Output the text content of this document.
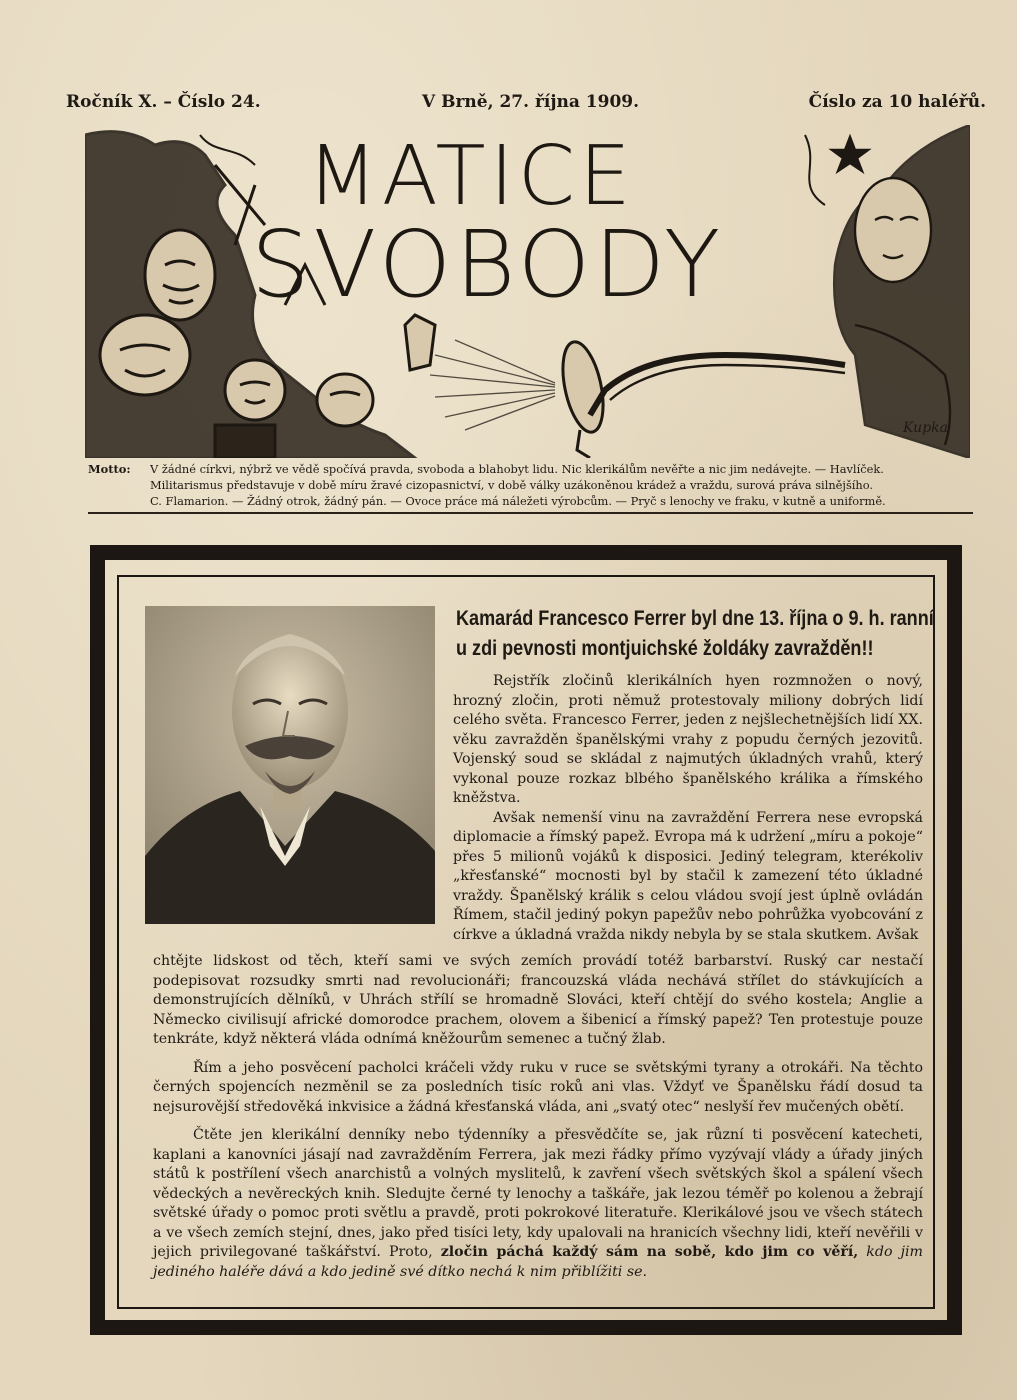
Ročník X. – Číslo 24.	V Brně, 27. října 1909.	Číslo za 10 haléřů.
MATICE
SVOBODY
Kupka
Motto: V žádné církvi, nýbrž ve vědě spočívá pravda, svoboda a blahobyt lidu. Nic klerikálům nevěřte a nic jim nedávejte. — Havlíček.
Militarismus představuje v době míru žravé cizopasnictví, v době války uzákoněnou krádež a vraždu, surová práva silnějšího.
C. Flamarion. — Žádný otrok, žádný pán. — Ovoce práce má náležeti výrobcům. — Pryč s lenochy ve fraku, v kutně a uniformě.
Kamarád Francesco Ferrer byl dne 13. října o 9. h. ranní
u zdi pevnosti montjuichské žoldáky zavražděn!!

Rejstřík zločinů klerikálních hyen rozmnožen o nový, hrozný zločin, proti němuž protestovaly miliony dobrých lidí celého světa. Francesco Ferrer, jeden z nejšlechetnějších lidí XX. věku zavražděn španělskými vrahy z popudu černých jezovitů. Vojenský soud se skládal z najmutých úkladných vrahů, který vykonal pouze rozkaz blbého španělského králika a římského kněžstva.

Avšak nemenší vinu na zavraždění Ferrera nese evropská diplomacie a římský papež. Evropa má k udržení „míru a pokoje“ přes 5 milionů vojáků k disposici. Jediný telegram, kterékoliv „křesťanské“ mocnosti byl by stačil k zamezení této úkladné vraždy. Španělský králik s celou vládou svojí jest úplně ovládán Římem, stačil jediný pokyn papežův nebo pohrůžka vyobcování z církve a úkladná vražda nikdy nebyla by se stala skutkem. Avšak

chtějte lidskost od těch, kteří sami ve svých zemích provádí totéž barbarství. Ruský car nestačí podepisovat rozsudky smrti nad revolucionáři; francouzská vláda nechává střílet do stávkujících a demonstrujících dělníků, v Uhrách střílí se hromadně Slováci, kteří chtějí do svého kostela; Anglie a Německo civilisují africké domorodce prachem, olovem a šibenicí a římský papež? Ten protestuje pouze tenkráte, když některá vláda odnímá kněžourům semenec a tučný žlab.

Řím a jeho posvěcení pacholci kráčeli vždy ruku v ruce se světskými tyrany a otrokáři. Na těchto černých spojencích nezměnil se za posledních tisíc roků ani vlas. Vždyť ve Španělsku řádí dosud ta nejsurovější středověká inkvisice a žádná křesťanská vláda, ani „svatý otec“ neslyší řev mučených obětí.

Čtěte jen klerikální denníky nebo týdenníky a přesvědčíte se, jak různí ti posvěcení katecheti, kaplani a kanovníci jásají nad zavražděním Ferrera, jak mezi řádky přímo vyzývají vlády a úřady jiných států k postřílení všech anarchistů a volných myslitelů, k zavření všech světských škol a spálení všech vědeckých a nevěreckých knih. Sledujte černé ty lenochy a taškáře, jak lezou téměř po kolenou a žebrají světské úřady o pomoc proti světlu a pravdě, proti pokrokové literatuře. Klerikálové jsou ve všech státech a ve všech zemích stejní, dnes, jako před tisíci lety, kdy upalovali na hranicích všechny lidi, kteří nevěřili v jejich privilegované taškářství. Proto, zločin páchá každý sám na sobě, kdo jim co věří, kdo jim jediného haléře dává a kdo jedině své dítko nechá k nim přiblížiti se.
